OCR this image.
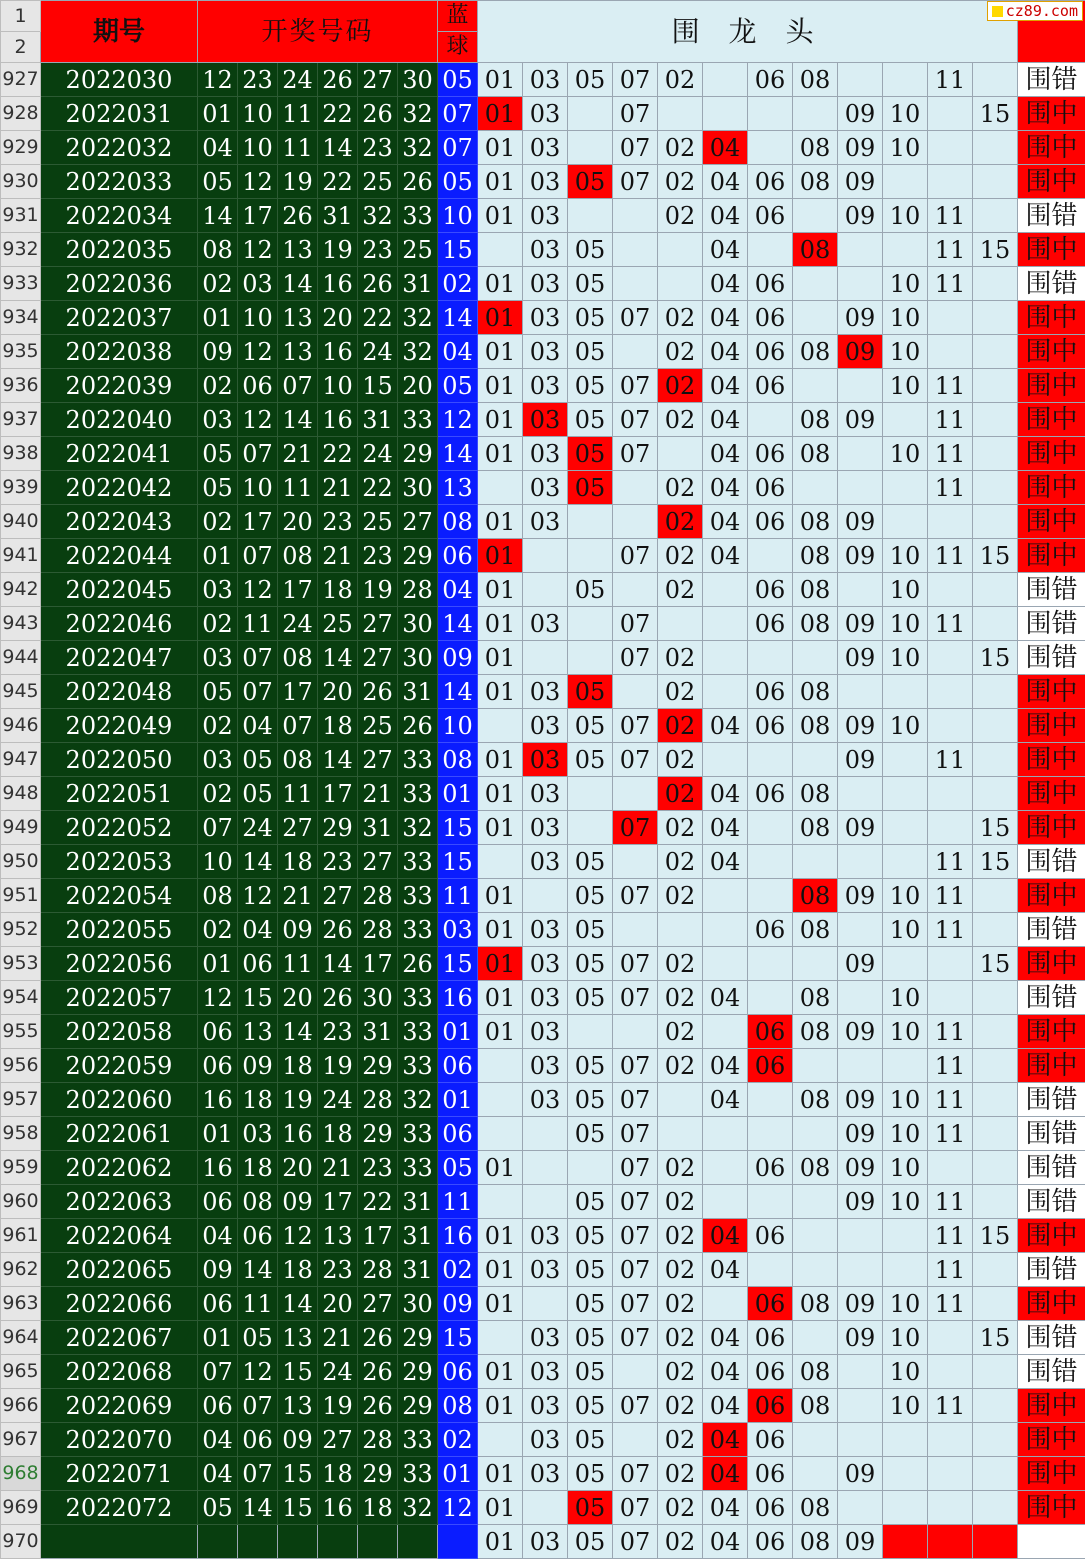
1	期号	开奖号码						蓝	围 龙 头												
2								球													
927	2022030	12	23	24	26	27	30	05	01	03	05	07	02		06	08			11		围错
928	2022031	01	10	11	22	26	32	07	01	03		07					09	10		15	围中
929	2022032	04	10	11	14	23	32	07	01	03		07	02	04		08	09	10			围中
930	2022033	05	12	19	22	25	26	05	01	03	05	07	02	04	06	08	09				围中
931	2022034	14	17	26	31	32	33	10	01	03			02	04	06		09	10	11		围错
932	2022035	08	12	13	19	23	25	15		03	05			04		08			11	15	围中
933	2022036	02	03	14	16	26	31	02	01	03	05			04	06			10	11		围错
934	2022037	01	10	13	20	22	32	14	01	03	05	07	02	04	06		09	10			围中
935	2022038	09	12	13	16	24	32	04	01	03	05		02	04	06	08	09	10			围中
936	2022039	02	06	07	10	15	20	05	01	03	05	07	02	04	06			10	11		围中
937	2022040	03	12	14	16	31	33	12	01	03	05	07	02	04		08	09		11		围中
938	2022041	05	07	21	22	24	29	14	01	03	05	07		04	06	08		10	11		围中
939	2022042	05	10	11	21	22	30	13		03	05		02	04	06				11		围中
940	2022043	02	17	20	23	25	27	08	01	03			02	04	06	08	09				围中
941	2022044	01	07	08	21	23	29	06	01			07	02	04		08	09	10	11	15	围中
942	2022045	03	12	17	18	19	28	04	01		05		02		06	08		10			围错
943	2022046	02	11	24	25	27	30	14	01	03		07			06	08	09	10	11		围错
944	2022047	03	07	08	14	27	30	09	01			07	02				09	10		15	围错
945	2022048	05	07	17	20	26	31	14	01	03	05		02		06	08					围中
946	2022049	02	04	07	18	25	26	10		03	05	07	02	04	06	08	09	10			围中
947	2022050	03	05	08	14	27	33	08	01	03	05	07	02				09		11		围中
948	2022051	02	05	11	17	21	33	01	01	03			02	04	06	08					围中
949	2022052	07	24	27	29	31	32	15	01	03		07	02	04		08	09			15	围中
950	2022053	10	14	18	23	27	33	15		03	05		02	04					11	15	围错
951	2022054	08	12	21	27	28	33	11	01		05	07	02			08	09	10	11		围中
952	2022055	02	04	09	26	28	33	03	01	03	05				06	08		10	11		围错
953	2022056	01	06	11	14	17	26	15	01	03	05	07	02				09			15	围中
954	2022057	12	15	20	26	30	33	16	01	03	05	07	02	04		08		10			围错
955	2022058	06	13	14	23	31	33	01	01	03			02		06	08	09	10	11		围中
956	2022059	06	09	18	19	29	33	06		03	05	07	02	04	06				11		围中
957	2022060	16	18	19	24	28	32	01		03	05	07		04		08	09	10	11		围错
958	2022061	01	03	16	18	29	33	06			05	07					09	10	11		围错
959	2022062	16	18	20	21	23	33	05	01			07	02		06	08	09	10			围错
960	2022063	06	08	09	17	22	31	11			05	07	02				09	10	11		围错
961	2022064	04	06	12	13	17	31	16	01	03	05	07	02	04	06				11	15	围中
962	2022065	09	14	18	23	28	31	02	01	03	05	07	02	04					11		围错
963	2022066	06	11	14	20	27	30	09	01		05	07	02		06	08	09	10	11		围中
964	2022067	01	05	13	21	26	29	15		03	05	07	02	04	06		09	10		15	围错
965	2022068	07	12	15	24	26	29	06	01	03	05		02	04	06	08		10			围错
966	2022069	06	07	13	19	26	29	08	01	03	05	07	02	04	06	08		10	11		围中
967	2022070	04	06	09	27	28	33	02		03	05		02	04	06						围中
968	2022071	04	07	15	18	29	33	01	01	03	05	07	02	04	06		09				围中
969	2022072	05	14	15	16	18	32	12	01		05	07	02	04	06	08					围中
970									01	03	05	07	02	04	06	08	09				
cz89.com
